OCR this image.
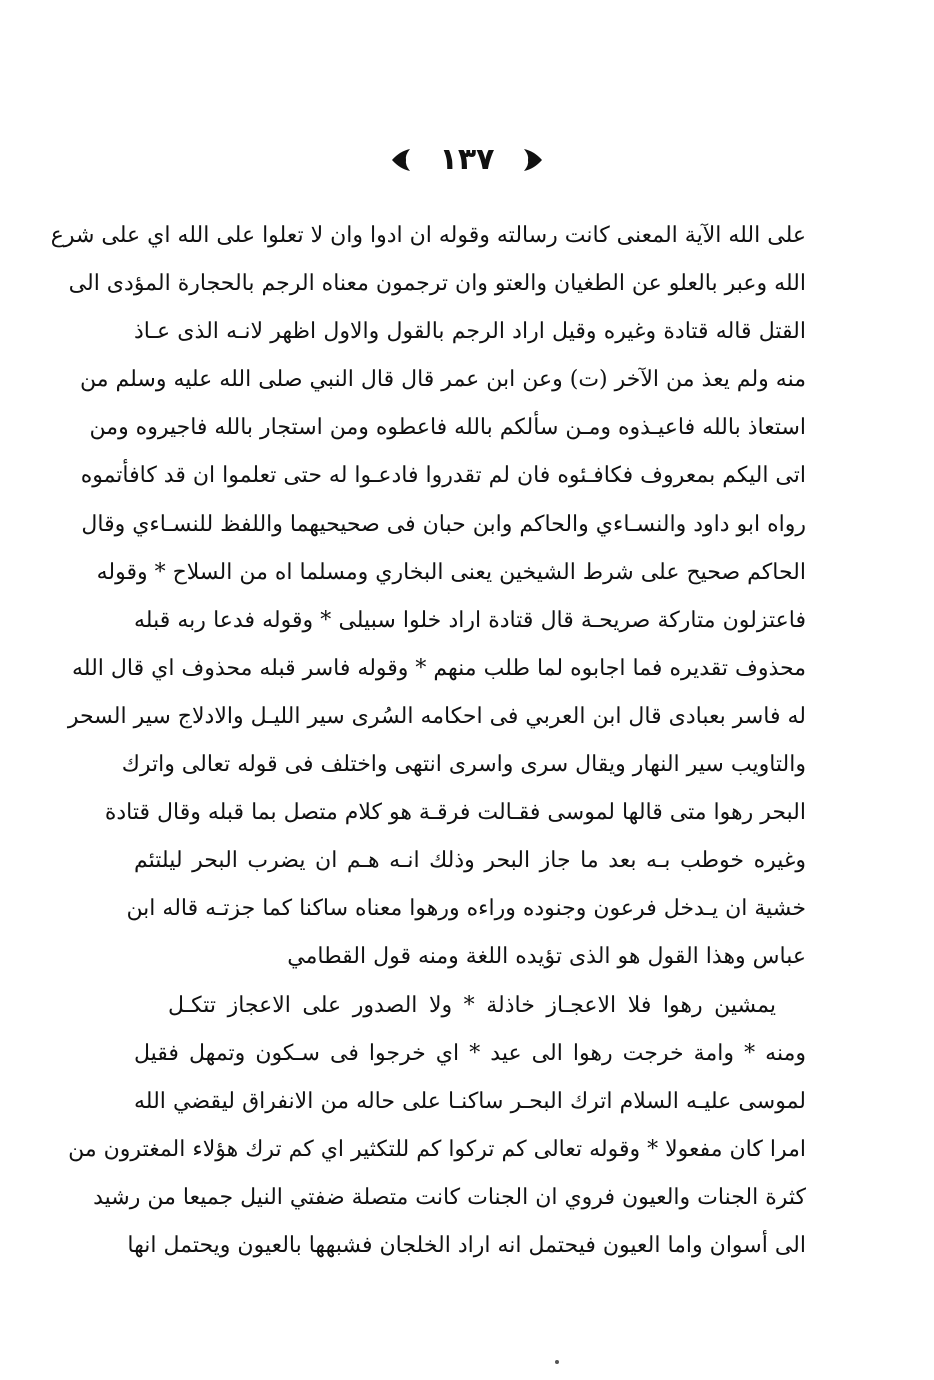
١٣٧
على الله الآية المعنى كانت رسالته وقوله ان ادوا وان لا تعلوا على الله اي على شرع
الله وعبر بالعلو عن الطغيان والعتو وان ترجمون معناه الرجم بالحجارة المؤدى الى
القتل قاله قتادة وغيره وقيل اراد الرجم بالقول والاول اظهر لانـه الذى عـاذ
منه ولم يعذ من الآخر (ت) وعن ابن عمر قال قال النبي صلى الله عليه وسلم من
استعاذ بالله فاعيـذوه ومـن سألكم بالله فاعطوه ومن استجار بالله فاجيروه ومن
اتى اليكم بمعروف فكافـئوه فان لم تقدروا فادعـوا له حتى تعلموا ان قد كافأتموه
رواه ابو داود والنسـاءي والحاكم وابن حبان فى صحيحيهما واللفظ للنسـاءي وقال
الحاكم صحيح على شرط الشيخين يعنى البخاري ومسلما اه من السلاح * وقوله
فاعتزلون متاركة صريحـة قال قتادة اراد خلوا سبيلى * وقوله فدعا ربه قبله
محذوف تقديره فما اجابوه لما طلب منهم * وقوله فاسر قبله محذوف اي قال الله
له فاسر بعبادى قال ابن العربي فى احكامه السُرى سير الليـل والادلاج سير السحر
والتاويب سير النهار ويقال سرى واسرى انتهى واختلف فى قوله تعالى واترك
البحر رهوا متى قالها لموسى فقـالت فرقـة هو كلام متصل بما قبله وقال قتادة
وغيره خوطب بـه بعد ما جاز البحر وذلك انـه هـم ان يضرب البحر ليلتئم
خشية ان يـدخل فرعون وجنوده وراءه ورهوا معناه ساكنا كما جزتـه قاله ابن
عباس وهذا القول هو الذى تؤيده اللغة ومنه قول القطامي
يمشين رهوا فلا الاعجـاز خاذلة * ولا الصدور على الاعجاز تتكـل
ومنه * وامة خرجت رهوا الى عيد * اي خرجوا فى سـكون وتمهل فقيل
لموسى عليـه السلام اترك البحـر ساكنـا على حاله من الانفراق ليقضي الله
امرا كان مفعولا * وقوله تعالى كم تركوا كم للتكثير اي كم ترك هؤلاء المغترون من
كثرة الجنات والعيون فروي ان الجنات كانت متصلة ضفتي النيل جميعا من رشيد
الى أسوان واما العيون فيحتمل انه اراد الخلجان فشبهها بالعيون ويحتمل انها
